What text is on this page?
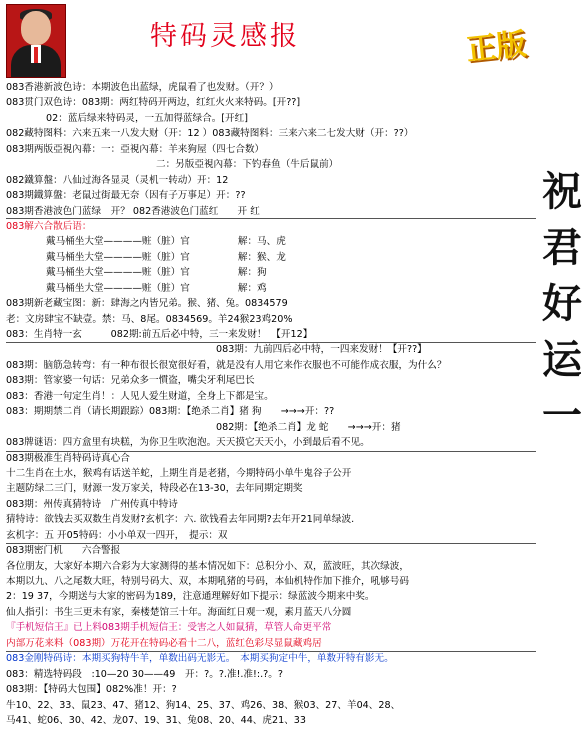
特码灵感报	正版
祝
君
好
运
一
083香港新波色诗：本期波色出蓝绿，虎鼠看了也发财。（开？）
083贯门双色诗：083期：两红特码开两边，红红火火来特码。[开??]
02：蓝后绿来特码灵，一五加得蓝绿合。[开红]
082藏特图料：六来五来一八发大财（开：12 ）083藏特图料：三来六来二七发大财（开：??）
083期两版亞視內幕：一：亞視內幕：羊来狗屋（四七合数）
二：另版亞視內幕：下钓春鱼（牛后鼠前）
082鐵算盤：八仙过海各显灵（灵机一转动）开：12
083期鐵算盤：老鼠过街最无奈（因有子万事足）开：??
083期香港波色门蓝绿　开？ 082香港波色门蓝红　　开 红
083解六合散后语：
戴马桶坐大堂————赃（脏）官　　　　　解：马、虎
戴马桶坐大堂————赃（脏）官　　　　　解：猴、龙
戴马桶坐大堂————赃（脏）官　　　　　解：狗
戴马桶坐大堂————赃（脏）官　　　　　解：鸡
083期新老藏宝图：新：肆海之内皆兄弟。猴、猪、兔。0834579
老：文房肆宝不缺壹。禁：马、8尾。0834569。羊24猴23鸡20%
083：生肖特一玄　　　082期:前五后必中特，三一来发财！　【开12】
083期：九前四后必中特，一四来发财！【开??】
083期：脑筋急转弯：有一种布很长很宽很好看，就是没有人用它来作衣服也不可能作成衣服，为什么？
083期：管家婆一句话：兄弟众多一慣盗，嘴尖牙利尾巴长
083：香港一句定生肖！：人见人爱生财道，全身上下都是宝。
083：期期禁二肖（请长期跟踪）083期：【绝杀二肖】猪 狗　　→→→开：??
082期：【绝杀二肖】龙 蛇　　→→→开：猪
083牌谜语：四方盒里有块糕，为你卫生吹泡泡。天天摸它天天小，小到最后看不见。
083期极准生肖特码诗真心合
十二生肖在土水，猴鸡有话送羊蛇，上期生肖是老猪，今期特码小单牛鬼谷子公开
主题防绿二三门，财源一发万家关，特段必在13-30，去年同期定期奖
083期：州传真猜特诗　广州传真中特诗
猜特诗：欲钱去买双数生肖发财?玄机字：六. 欲钱看去年同期?去年开21同单绿波.
玄机字：五 开05特码：小小单双一四开，　提示：双
083期密门机　　六合警报
各位朋友，大家好本期六合彩为大家测得的基本情况如下：总积分小、双，蓝波旺，其次绿波，
本期以九、八之尾数大旺，特别号码大、双，本期吼猪的号码，本仙机特作加下推介，吼够号码
2：19 37，今期送与大家的密码为189，注意通理解好如下提示：绿蓝波今期来中奖。
仙人指引：书生三更未有家，秦楼楚馆三十年。海面红日观一观，素月蓝天八分圆
『手机短信王』已上料083期手机短信王：受害之人如鼠猜，草管人命更平常
内部万花来料（083期）万花开在特码必看十二八，蓝红色彩尽显鼠藏鸡居
083金刚特码诗：本期买狗特牛羊，单数出码无影无。　本期买狗定中牛，单数开特有影无。
083：精选特码段　:10—20 30——49　开：?。?.准!.准!:.?。?
083期：【特码大包围】082%准！开：?
牛10、22、33、鼠23、47、猪12、狗14、25、37、鸡26、38、猴03、27、羊04、28、
马41、蛇06、30、42、龙07、19、31、兔08、20、44、虎21、33
